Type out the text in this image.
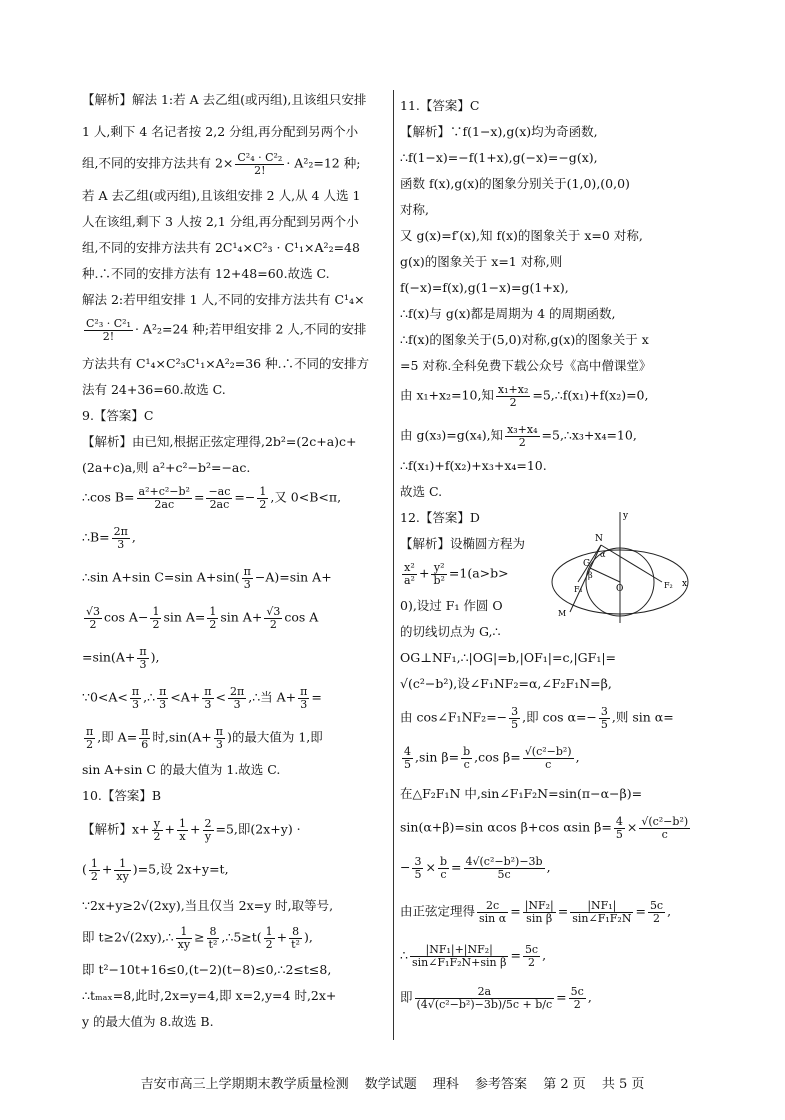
【解析】解法 1:若 A 去乙组(或丙组),且该组只安排
1 人,剩下 4 名记者按 2,2 分组,再分配到另两个小
组,不同的安排方法共有 $2\times \frac{\text{C²₄ · C²₂}}{2!} \cdot A^2_2=12$ 种;
若 A 去乙组(或丙组),且该组安排 2 人,从 4 人选 1
人在该组,剩下 3 人按 2,1 分组,再分配到另两个小
组,不同的安排方法共有 2C¹₄×C²₃ · C¹₁×A²₂=48
种.∴不同的安排方法有 12+48=60.故选 C.
解法 2:若甲组安排 1 人,不同的安排方法共有 C¹₄×
$\frac{\text{C²₃ · C²₁}}{2!} \cdot A^2_2=24$ 种;若甲组安排 2 人,不同的安排
方法共有 C¹₄×C²₃C¹₁×A²₂=36 种.∴不同的安排方
法有 24+36=60.故选 C.
9.【答案】C
【解析】由已知,根据正弦定理得,2b²=(2c+a)c+
(2a+c)a,则 a²+c²−b²=−ac.
∴cos $B= \frac{\text{a²+c²−b²}}{2ac} = \frac{-ac}{2ac} =- \frac{1}{2}$ ,又 0<B<π,
∴B= $\frac{2\pi}{3}$ ,
∴sin A+sin C=sin $A+\sin( \frac{\pi}{3} -A)=\sin$ A+
$\frac{√3}{2}$ $\cos A- \frac{1}{2}$ $\sin A= \frac{1}{2}$ $\sin A+ \frac{√3}{2}$ cos A
$=\sin(A+ \frac{\pi}{3}$ ),
∵0<A< $\frac{\pi}{3}$ ,∴ $\frac{\pi}{3} <A+ \frac{\pi}{3} < \frac{2\pi}{3}$ ,∴当 $A+ \frac{\pi}{3}$ =
$\frac{\pi}{2}$ ,即 $A= \frac{\pi}{6}$ 时$,\sin(A+ \frac{\pi}{3}$ )的最大值为 1,即
sin A+sin C 的最大值为 1.故选 C.
10.【答案】B
【解析】$x+ \frac{y}{2} + \frac{1}{x} + \frac{2}{y} =5$,即(2x+y) ·
( $\frac{1}{2} + \frac{1}{xy} )=5$,设 2x+y=t,
∵2x+y≥2√(2xy),当且仅当 2x=y 时,取等号,
即 t≥2√(2xy),∴ $\frac{1}{xy} \ge \frac{8}{\text{t²}}$ ,∴5≥t( $\frac{1}{2} + \frac{8}{\text{t²}}$ ),
即 t²−10t+16≤0,(t−2)(t−8)≤0,∴2≤t≤8,
∴tₘₐₓ=8,此时,2x=y=4,即 x=2,y=4 时,2x+
y 的最大值为 8.故选 B.
11.【答案】C
【解析】∵f(1−x),g(x)均为奇函数,
∴f(1−x)=−f(1+x),g(−x)=−g(x),
函数 f(x),g(x)的图象分别关于(1,0),(0,0)
对称,
又 g(x)=f′(x),知 f(x)的图象关于 x=0 对称,
g(x)的图象关于 x=1 对称,则
f(−x)=f(x),g(1−x)=g(1+x),
∴f(x)与 g(x)都是周期为 4 的周期函数,
∴f(x)的图象关于(5,0)对称,g(x)的图象关于 x
=5 对称.全科免费下载公众号《高中僧课堂》
由 x₁+x₂=10,知 $\frac{\text{x₁+x₂}}{2}$ =5,∴f(x₁)+f(x₂)=0,
由 g(x₃)=g(x₄),知 $\frac{\text{x₃+x₄}}{2}$ =5,∴x₃+x₄=10,
∴f(x₁)+f(x₂)+x₃+x₄=10.
故选 C.
12.【答案】D
【解析】设椭圆方程为
$\frac{\text{x²}}{\text{a²}} + \frac{\text{y²}}{\text{b²}} =1(a>b>$
0),设过 F₁ 作圆 O
的切线切点为 G,∴
OG⊥NF₁,∴|OG|=b,|OF₁|=c,|GF₁|=
√(c²−b²),设∠F₁NF₂=α,∠F₂F₁N=β,
由 cos∠F₁NF₂=− $\frac{3}{5}$ ,即 $\cos \alpha=- \frac{3}{5}$ ,则 sin α=
$\frac{4}{5} ,\sin$ $\beta= \frac{b}{c} ,\cos$ $\beta= \frac{\text{√(c²−b²)}}{c}$ ,
在△F₂F₁N 中,sin∠F₁F₂N=sin(π−α−β)=
sin(α+β)=sin αcos β+cos αsin $\beta= \frac{4}{5} \times \frac{\text{√(c²−b²)}}{c}$
− $\frac{3}{5} \times \frac{b}{c} = \frac{\text{4√(c²−b²)−3b}}{5c}$ ,
由正弦定理得 $\frac{2c}{\text{sin α}} = \frac{\text{|NF₂|}}{\text{sin β}} = \frac{\text{|NF₁|}}{\text{sin∠F₁F₂N}} = \frac{5c}{2}$ ,
∴ $\frac{\text{|NF₁|+|NF₂|}}{\text{sin∠F₁F₂N+sin β}} = \frac{5c}{2}$ ,
即 $\frac{2a}{\text{(4√(c²−b²)−3b)/5c + b/c}} = \frac{5c}{2}$ ,
y
N
G
α
β
O
F₁	F₂ x
M
吉安市高三上学期期末教学质量检测 数学试题 理科 参考答案 第 2 页 共 5 页
